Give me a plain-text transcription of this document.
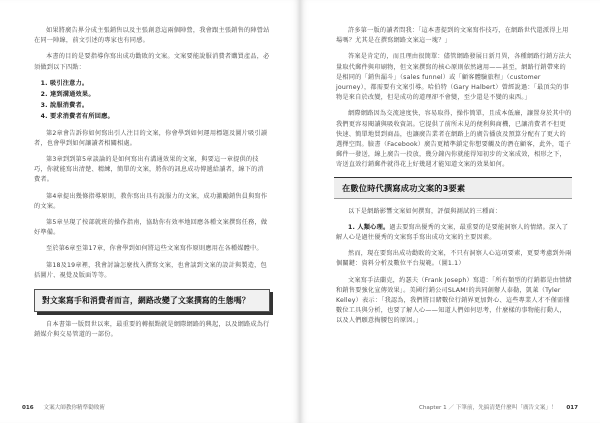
如果將廣告界分成主張銷售以及主張創意這兩個陣營，我會跟主張銷售的陣營站在同一陣線，前文引述的專家也有同感。

本書的目的是要指導你寫出成功勸敗的文案。文案要能說服消費者購買產品，必須做到以下四點：

1. 吸引注意力。
2. 達到溝通效果。
3. 說服消費者。
4. 要求消費者有所回應。

第2章會告訴你如何寫出引人注目的文案，你會學到如何運用標題及圖片吸引讀者，也會學到如何讓讀者相關相處。

第3章到到第5章談論的是如何寫出有溝通效果的文案，與要這一章提供的技巧，你就能寫出清楚、精練，簡單的文案，將你的訊息成功傳遞給讀者，線下的消費者。

第4章提出幾條指導原則，教你寫出具有說服力的文案，成功激勵銷售員與寫作的文案。

第5章呈現了按部就班的操作指南，協助你有效率地回應各種文案撰寫任務，做好準備。

至於第6章至第17章，你會學到如何將這些文案寫作原則應用在各種媒體中。

第18及19章裡，我會討論怎麼找入撰寫文案，也會談到文案的設計與製造，包括圖片、視覺及版面等等。

對文案寫手和消費者而言，網路改變了文案撰寫的生態嗎？

自本書第一版問世以來，最重要的轉振點就是網際網路的興起，以及網路成為行銷媒介與交易管道的一部份。

016 文案大師教你精準勸敗術

許多第一版的讀者問我：「這本書提到的文案寫作技巧，在網路世代還派得上用場嗎？尤其是在撰寫網路文案這一塊？」

答案是肯定的，而且理由很簡單：儘管網路發展日新月異，各種網路行銷方法大量取代郵件與印刷物，但文案撰寫的核心原則依然適用——甚至，網路行銷帶來的是相同的「銷售漏斗」（sales funnel）或「顧客體驗旅程」（customer journey），都需要有文案引導。哈伯特（Gary Halbert）曾經說過：「最頂尖的事物是來自於改變，但是成功的道理卻不會變，至少還是不變的東西。」

網際網路因為交流速度快，容易取得，操作簡單，且成本低廉，讓置身於其中的我們更容易閱讀與吸收資訊。它提供了前所未見的便利與商機，已讓消費者不但更快速、簡單地買到商品，也讓廣告業者在網路上的廣告播放及預算分配有了更大的選擇空間。臉書（Facebook）廣告更精準鎖定你想要觸及的潛在顧客，此外，電子郵件一發送，線上廣告一投放，幾分鐘內你就能得知初步的文案成效，相形之下，寄送直效行銷郵件就得花上好幾週才能知道文案的效果如何。

在數位時代撰寫成功文案的3要素

以下是網路影響文案如何撰寫，評價與測試的三種面：

1. 人類心理。過去要寫出優秀的文案，最重要的是要能洞察人的情緒。深入了解人心是過往優秀的文案寫手寫出成功文案的主要因素。

然而，現在要寫出成功勸敗的文案，不只有洞察人心這項要素，更要考慮到外兩個關鍵：資料分析及數位平台規範。（圖1.1）

文案寫手法蘭克，約瑟夫（Frank Joseph）寫道：「所有類型的行銷都是由情緒和銷售要強化宣傳效果」。美國行銷公司SLAM!的共同創辦人泰勒，凱萊（Tyler Kelley）表示：「我認為，我們將目睹數位行銷界更加對心、這些專業人才不僅需懂數位工具與分析，也要了解人心——知道人們如何思考，什麼樣的事物能打動人，以及人們願意掏腰包的原因。」

Chapter 1 ／ 下筆前，先搞清楚什麼叫「廣告文案」！ 017
